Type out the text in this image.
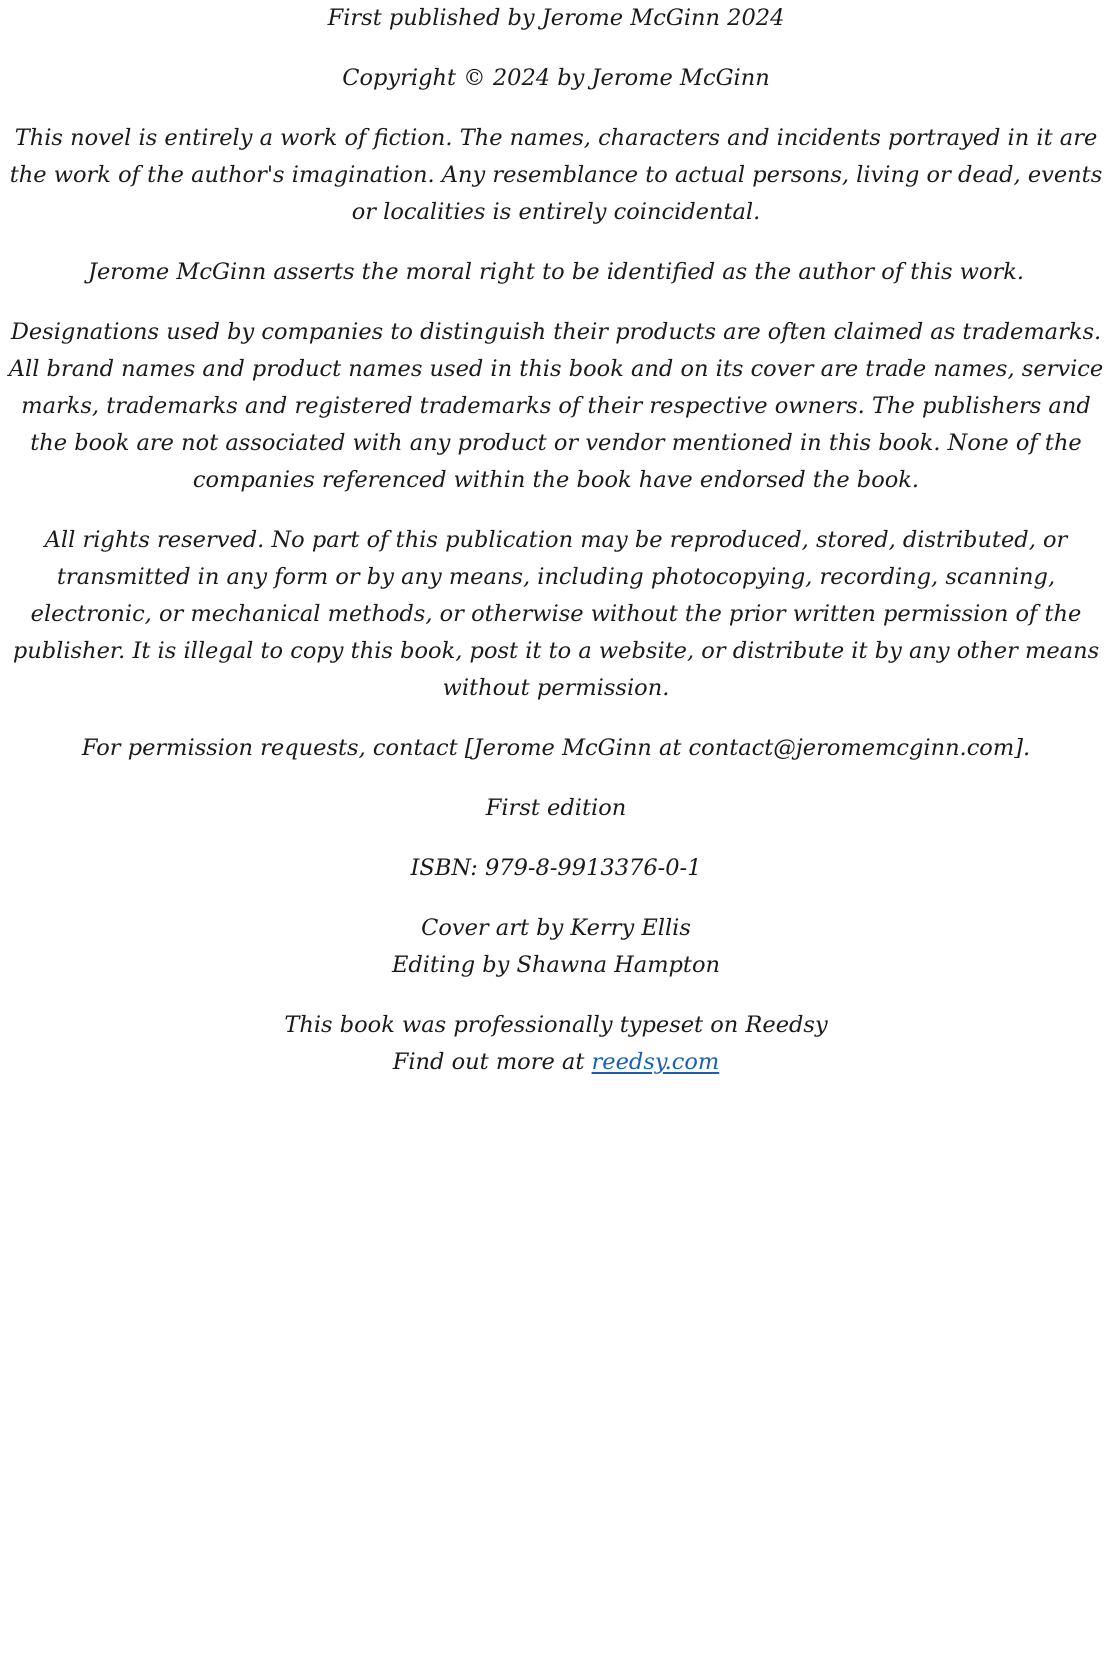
First published by Jerome McGinn 2024

Copyright © 2024 by Jerome McGinn

This novel is entirely a work of fiction. The names, characters and incidents portrayed in it are the work of the author's imagination. Any resemblance to actual persons, living or dead, events or localities is entirely coincidental.

Jerome McGinn asserts the moral right to be identified as the author of this work.

Designations used by companies to distinguish their products are often claimed as trademarks. All brand names and product names used in this book and on its cover are trade names, service marks, trademarks and registered trademarks of their respective owners. The publishers and the book are not associated with any product or vendor mentioned in this book. None of the companies referenced within the book have endorsed the book.

All rights reserved. No part of this publication may be reproduced, stored, distributed, or transmitted in any form or by any means, including photocopying, recording, scanning, electronic, or mechanical methods, or otherwise without the prior written permission of the publisher. It is illegal to copy this book, post it to a website, or distribute it by any other means without permission.

For permission requests, contact [Jerome McGinn at contact@jeromemcginn.com].

First edition

ISBN: 979-8-9913376-0-1

Cover art by Kerry Ellis
Editing by Shawna Hampton

This book was professionally typeset on Reedsy
Find out more at reedsy.com
